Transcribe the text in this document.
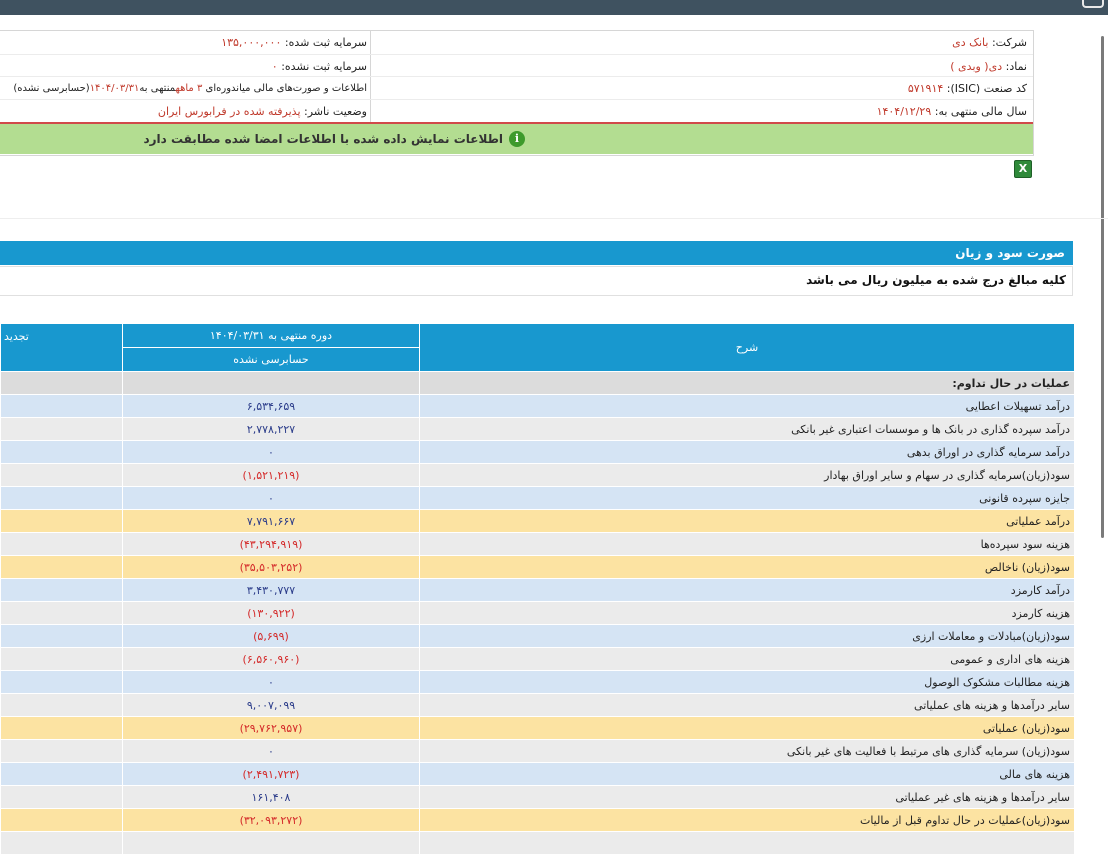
شرکت: بانک دی
نماد: دی( وبدی )
کد صنعت (ISIC): ۵۷۱۹۱۴
سال مالی منتهی به: ۱۴۰۴/۱۲/۲۹
سرمایه ثبت شده: ۱۳۵,۰۰۰,۰۰۰
سرمایه ثبت نشده: ۰
اطلاعات و صورت‌های مالی میاندوره‌ای ۳ ماههمنتهی به۱۴۰۴/۰۳/۳۱(حسابرسی نشده)
وضعیت ناشر: پذیرفته شده در فرابورس ایران
i
اطلاعات نمایش داده شده با اطلاعات امضا شده مطابقت دارد
X
صورت سود و زیان
کلیه مبالغ درج شده به میلیون ریال می باشد
تجدید	دوره منتهی به ۱۴۰۴/۰۳/۳۱	شرح
	حسابرسی نشده	
		عملیات در حال تداوم:
	۶,۵۳۴,۶۵۹	درآمد تسهیلات اعطایی
	۲,۷۷۸,۲۲۷	درآمد سپرده گذاری در بانک ها و موسسات اعتباری غیر بانکی
	۰	درآمد سرمایه گذاری در اوراق بدهی
	(۱,۵۲۱,۲۱۹)	سود(زیان)سرمایه گذاری در سهام و سایر اوراق بهادار
	۰	جایزه سپرده قانونی
	۷,۷۹۱,۶۶۷	درآمد عملیاتی
	(۴۳,۲۹۴,۹۱۹)	هزینه سود سپرده‌ها
	(۳۵,۵۰۳,۲۵۲)	سود(زیان) ناخالص
	۳,۴۳۰,۷۷۷	درآمد کارمزد
	(۱۳۰,۹۲۲)	هزینه کارمزد
	(۵,۶۹۹)	سود(زیان)مبادلات و معاملات ارزی
	(۶,۵۶۰,۹۶۰)	هزینه های اداری و عمومی
	۰	هزینه مطالبات مشکوک الوصول
	۹,۰۰۷,۰۹۹	سایر درآمدها و هزینه های عملیاتی
	(۲۹,۷۶۲,۹۵۷)	سود(زیان) عملیاتی
	۰	سود(زیان) سرمایه گذاری های مرتبط با فعالیت های غیر بانکی
	(۲,۴۹۱,۷۲۳)	هزینه های مالی
	۱۶۱,۴۰۸	سایر درآمدها و هزینه های غیر عملیاتی
	(۳۲,۰۹۳,۲۷۲)	سود(زیان)عملیات در حال تداوم قبل از مالیات
